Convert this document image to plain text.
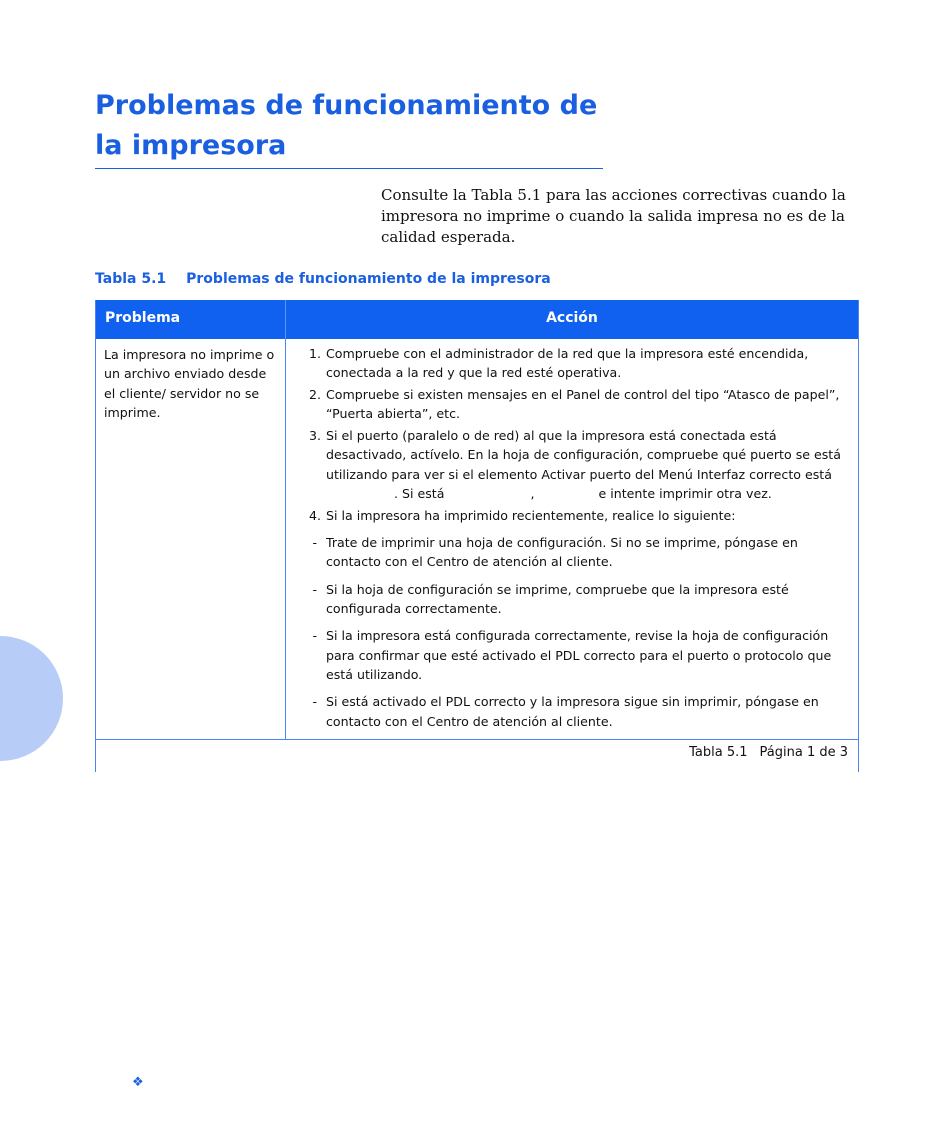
Problemas de funcionamiento de
la impresora

Consulte la Tabla 5.1 para las acciones correctivas cuando la impresora no imprime o cuando la salida impresa no es de la calidad esperada.

Tabla 5.1 Problemas de funcionamiento de la impresora
Problema	Acción
La impresora no imprime o un archivo enviado desde el cliente/ servidor no se imprime.
1. Compruebe con el administrador de la red que la impresora esté encendida, conectada a la red y que la red esté operativa.
2. Compruebe si existen mensajes en el Panel de control del tipo “Atasco de papel”, “Puerta abierta”, etc.
3. Si el puerto (paralelo o de red) al que la impresora está conectada está desactivado, actívelo. En la hoja de configuración, compruebe qué puerto se está utilizando para ver si el elemento Activar puerto del Menú Interfaz correcto está. Si está	,	e intente imprimir otra vez.
4. Si la impresora ha imprimido recientemente, realice lo siguiente:
- Trate de imprimir una hoja de configuración. Si no se imprime, póngase en contacto con el Centro de atención al cliente.
- Si la hoja de configuración se imprime, compruebe que la impresora esté configurada correctamente.
- Si la impresora está configurada correctamente, revise la hoja de configuración para confirmar que esté activado el PDL correcto para el puerto o protocolo que está utilizando.
- Si está activado el PDL correcto y la impresora sigue sin imprimir, póngase en contacto con el Centro de atención al cliente.
Tabla 5.1 Página 1 de 3
❖
